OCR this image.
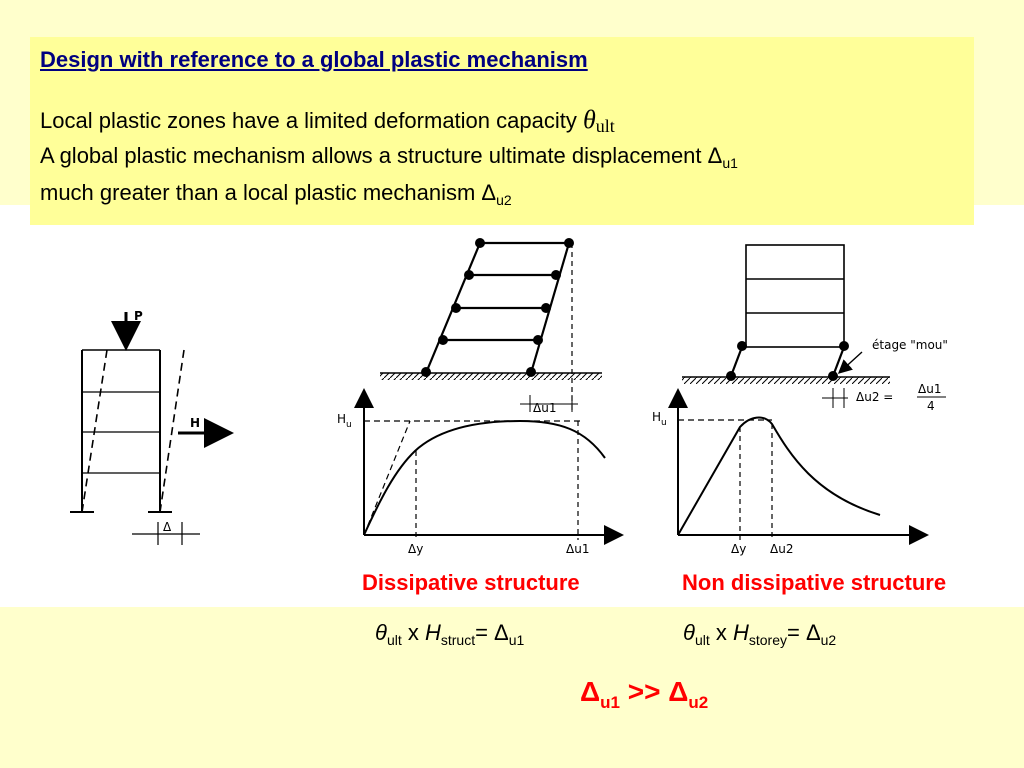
Design with reference to a global plastic mechanism
Local plastic zones have a limited deformation capacity θult
A global plastic mechanism allows a structure ultimate displacement $\Delta_{u1}$
much greater than a local plastic mechanism $\Delta_{u2}$
P
H
Δ
Δu1
$H_u$
Δy	Δu1
étage "mou"
Δu2 =
Δu1
4
$H_u$
Δy Δu2
Dissipative structure	Non dissipative structure
$\theta_{ult}$ x $H_{struct}= \Delta_{u1}$	$\theta_{ult}$ x $H_{storey}= \Delta_{u2}$
$\Delta_{u1} >> \Delta_{u2}$
